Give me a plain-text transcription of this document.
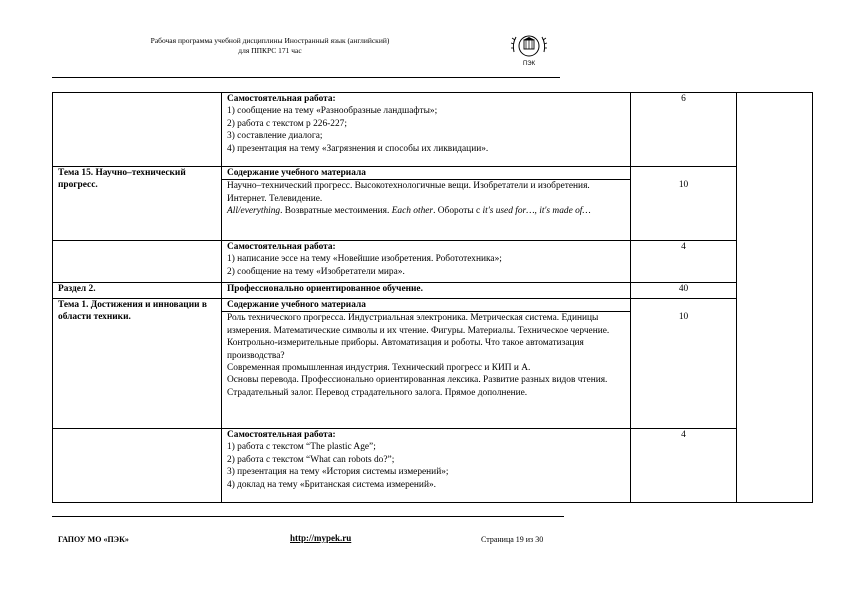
Рабочая программа учебной дисциплины Иностранный язык (английский)
для ППКРС 171 час
ПЭК

	Самостоятельная работа:
1) сообщение на тему «Разнообразные ландшафты»;
2) работа с текстом р 226-227;
3) составление диалога;
4) презентация на тему «Загрязнения и способы их ликвидации».	6	
Тема 15. Научно–технический прогресс.	Содержание учебного материала
Научно–технический прогресс. Высокотехнологичные вещи. Изобретатели и изобретения. Интернет. Телевидение.
All/everything. Возвратные местоимения. Each other. Обороты с it's used for…, it's made of…	10	

	Самостоятельная работа:
1) написание эссе на тему «Новейшие изобретения. Робототехника»;
2) сообщение на тему «Изобретатели мира».	4	
Раздел 2.	Профессионально ориентированное обучение.	40	
Тема 1. Достижения и инновации в области техники.	Содержание учебного материала
Роль технического прогресса. Индустриальная электроника. Метрическая система. Единицы измерения. Математические символы и их чтение. Фигуры. Материалы. Техническое черчение. Контрольно-измерительные приборы. Автоматизация и роботы. Что такое автоматизация производства?
Современная промышленная индустрия. Технический прогресс и КИП и А.
Основы перевода. Профессионально ориентированная лексика. Развитие разных видов чтения.
Страдательный залог. Перевод страдательного залога. Прямое дополнение.	10	

	Самостоятельная работа:
1) работа с текстом “The plastic Age”;
2) работа с текстом “What can robots do?”;
3) презентация на тему «История системы измерений»;
4) доклад на тему «Британская система измерений».	4	
ГАПОУ МО «ПЭК»	http://mypek.ru	Страница 19 из 30
